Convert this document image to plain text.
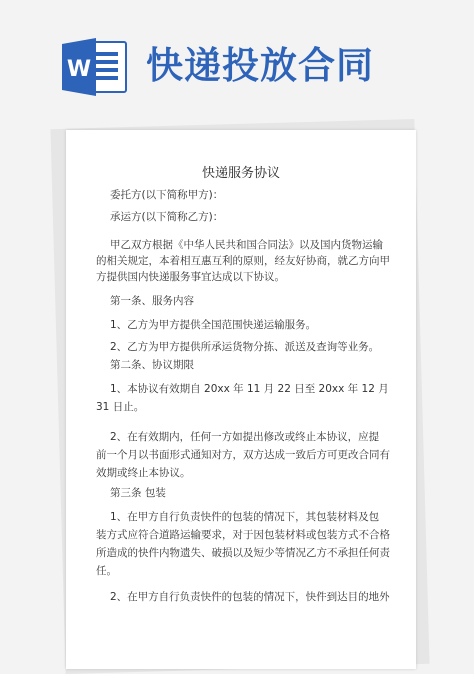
W 快递投放合同
快递服务协议
委托方(以下简称甲方)：
承运方(以下简称乙方)：
甲乙双方根据《中华人民共和国合同法》以及国内货物运输
的相关规定，本着相互惠互利的原则，经友好协商，就乙方向甲
方提供国内快递服务事宜达成以下协议。
第一条、服务内容
1、乙方为甲方提供全国范围快递运输服务。
2、乙方为甲方提供所承运货物分拣、派送及查询等业务。
第二条、协议期限
1、本协议有效期自 20xx 年 11 月 22 日至 20xx 年 12 月
31 日止。
2、在有效期内，任何一方如提出修改或终止本协议，应提
前一个月以书面形式通知对方，双方达成一致后方可更改合同有
效期或终止本协议。
第三条 包装
1、在甲方自行负责快件的包装的情况下，其包装材料及包
装方式应符合道路运输要求，对于因包装材料或包装方式不合格
所造成的快件内物遗失、破损以及短少等情况乙方不承担任何责
任。
2、在甲方自行负责快件的包装的情况下，快件到达目的地外
